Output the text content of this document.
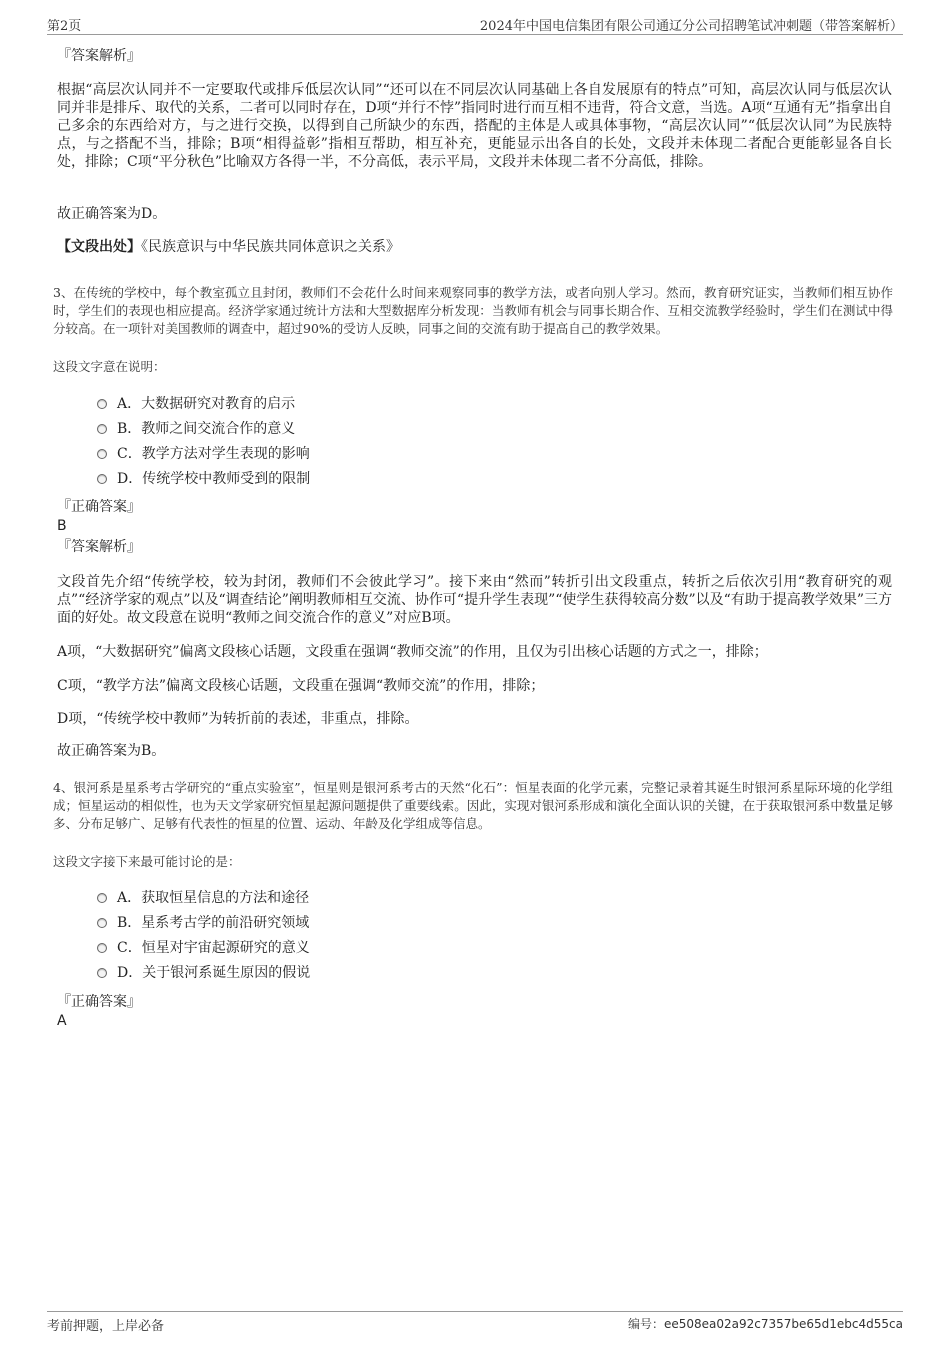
第2页	2024年中国电信集团有限公司通辽分公司招聘笔试冲刺题（带答案解析）
『答案解析』

根据“高层次认同并不一定要取代或排斥低层次认同”“还可以在不同层次认同基础上各自发展原有的特点”可知，高层次认同与低层次认同并非是排斥、取代的关系，二者可以同时存在，D项“并行不悖”指同时进行而互相不违背，符合文意，当选。A项“互通有无”指拿出自己多余的东西给对方，与之进行交换，以得到自己所缺少的东西，搭配的主体是人或具体事物，“高层次认同”“低层次认同”为民族特点，与之搭配不当，排除；B项“相得益彰”指相互帮助，相互补充，更能显示出各自的长处，文段并未体现二者配合更能彰显各自长处，排除；C项“平分秋色”比喻双方各得一半，不分高低，表示平局，文段并未体现二者不分高低，排除。

故正确答案为D。
【文段出处】《民族意识与中华民族共同体意识之关系》

3、在传统的学校中，每个教室孤立且封闭，教师们不会花什么时间来观察同事的教学方法，或者向别人学习。然而，教育研究证实，当教师们相互协作时，学生们的表现也相应提高。经济学家通过统计方法和大型数据库分析发现：当教师有机会与同事长期合作、互相交流教学经验时，学生们在测试中得分较高。在一项针对美国教师的调查中，超过90%的受访人反映，同事之间的交流有助于提高自己的教学效果。

这段文字意在说明：
A．大数据研究对教育的启示
B．教师之间交流合作的意义
C．教学方法对学生表现的影响
D．传统学校中教师受到的限制
『正确答案』
B
『答案解析』

文段首先介绍“传统学校，较为封闭，教师们不会彼此学习”。接下来由“然而”转折引出文段重点，转折之后依次引用“教育研究的观点”“经济学家的观点”以及“调查结论”阐明教师相互交流、协作可“提升学生表现”“使学生获得较高分数”以及“有助于提高教学效果”三方面的好处。故文段意在说明“教师之间交流合作的意义”对应B项。

A项，“大数据研究”偏离文段核心话题，文段重在强调“教师交流”的作用，且仅为引出核心话题的方式之一，排除；

C项，“教学方法”偏离文段核心话题，文段重在强调“教师交流”的作用，排除；

D项，“传统学校中教师”为转折前的表述，非重点，排除。

故正确答案为B。

4、银河系是星系考古学研究的“重点实验室”，恒星则是银河系考古的天然“化石”：恒星表面的化学元素，完整记录着其诞生时银河系星际环境的化学组成；恒星运动的相似性，也为天文学家研究恒星起源问题提供了重要线索。因此，实现对银河系形成和演化全面认识的关键，在于获取银河系中数量足够多、分布足够广、足够有代表性的恒星的位置、运动、年龄及化学组成等信息。

这段文字接下来最可能讨论的是：
A．获取恒星信息的方法和途径
B．星系考古学的前沿研究领域
C．恒星对宇宙起源研究的意义
D．关于银河系诞生原因的假说
『正确答案』
A
考前押题，上岸必备	编号：ee508ea02a92c7357be65d1ebc4d55ca
